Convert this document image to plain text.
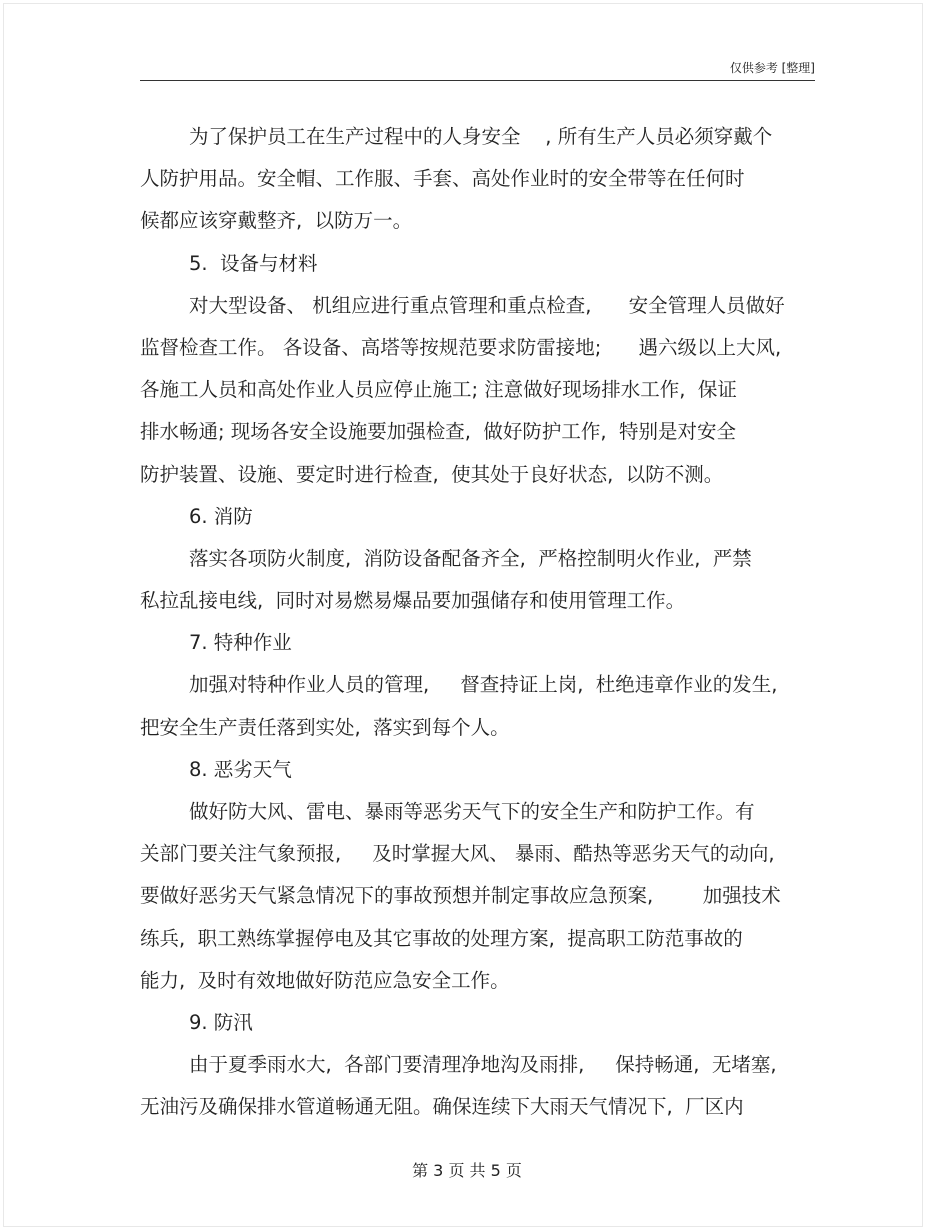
仅供参考 [整理]
为了保护员工在生产过程中的人身安全    , 所有生产人员必须穿戴个
人防护用品。安全帽、工作服、手套、高处作业时的安全带等在任何时
候都应该穿戴整齐,  以防万一。
5.  设备与材料
对大型设备、 机组应进行重点管理和重点检查,      安全管理人员做好
监督检查工作。 各设备、高塔等按规范要求防雷接地;      遇六级以上大风,
各施工人员和高处作业人员应停止施工; 注意做好现场排水工作,  保证
排水畅通; 现场各安全设施要加强检查,  做好防护工作,  特别是对安全
防护装置、设施、要定时进行检查,  使其处于良好状态,  以防不测。
6. 消防
落实各项防火制度,  消防设备配备齐全,  严格控制明火作业,  严禁
私拉乱接电线,  同时对易燃易爆品要加强储存和使用管理工作。
7. 特种作业
加强对特种作业人员的管理,     督查持证上岗,  杜绝违章作业的发生,
把安全生产责任落到实处,  落实到每个人。
8. 恶劣天气
做好防大风、雷电、暴雨等恶劣天气下的安全生产和防护工作。有
关部门要关注气象预报,     及时掌握大风、 暴雨、酷热等恶劣天气的动向,
要做好恶劣天气紧急情况下的事故预想并制定事故应急预案,        加强技术
练兵,  职工熟练掌握停电及其它事故的处理方案,  提高职工防范事故的
能力,  及时有效地做好防范应急安全工作。
9. 防汛
由于夏季雨水大,  各部门要清理净地沟及雨排,     保持畅通,  无堵塞,
无油污及确保排水管道畅通无阻。确保连续下大雨天气情况下,  厂区内
第 3 页 共 5 页
